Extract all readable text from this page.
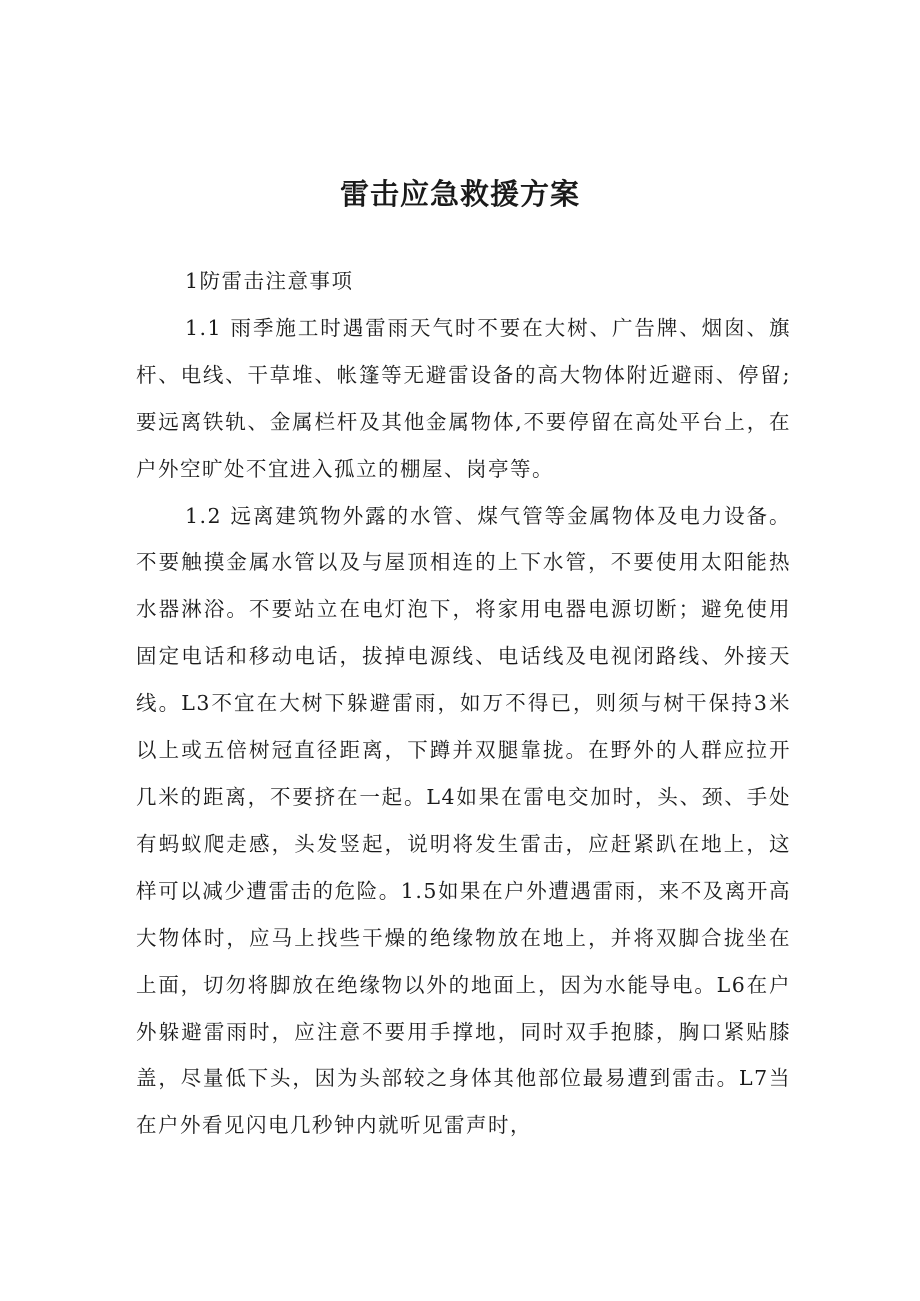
雷击应急救援方案

1防雷击注意事项

1.1 雨季施工时遇雷雨天气时不要在大树、广告牌、烟囱、旗杆、电线、干草堆、帐篷等无避雷设备的高大物体附近避雨、停留;要远离铁轨、金属栏杆及其他金属物体,不要停留在高处平台上，在户外空旷处不宜进入孤立的棚屋、岗亭等。

1.2 远离建筑物外露的水管、煤气管等金属物体及电力设备。不要触摸金属水管以及与屋顶相连的上下水管，不要使用太阳能热水器淋浴。不要站立在电灯泡下，将家用电器电源切断；避免使用固定电话和移动电话，拔掉电源线、电话线及电视闭路线、外接天线。L3不宜在大树下躲避雷雨，如万不得已，则须与树干保持3米以上或五倍树冠直径距离，下蹲并双腿靠拢。在野外的人群应拉开几米的距离，不要挤在一起。L4如果在雷电交加时，头、颈、手处有蚂蚁爬走感，头发竖起，说明将发生雷击，应赶紧趴在地上，这样可以减少遭雷击的危险。1.5如果在户外遭遇雷雨，来不及离开高大物体时，应马上找些干燥的绝缘物放在地上，并将双脚合拢坐在上面，切勿将脚放在绝缘物以外的地面上，因为水能导电。L6在户外躲避雷雨时，应注意不要用手撑地，同时双手抱膝，胸口紧贴膝盖，尽量低下头，因为头部较之身体其他部位最易遭到雷击。L7当在户外看见闪电几秒钟内就听见雷声时，
